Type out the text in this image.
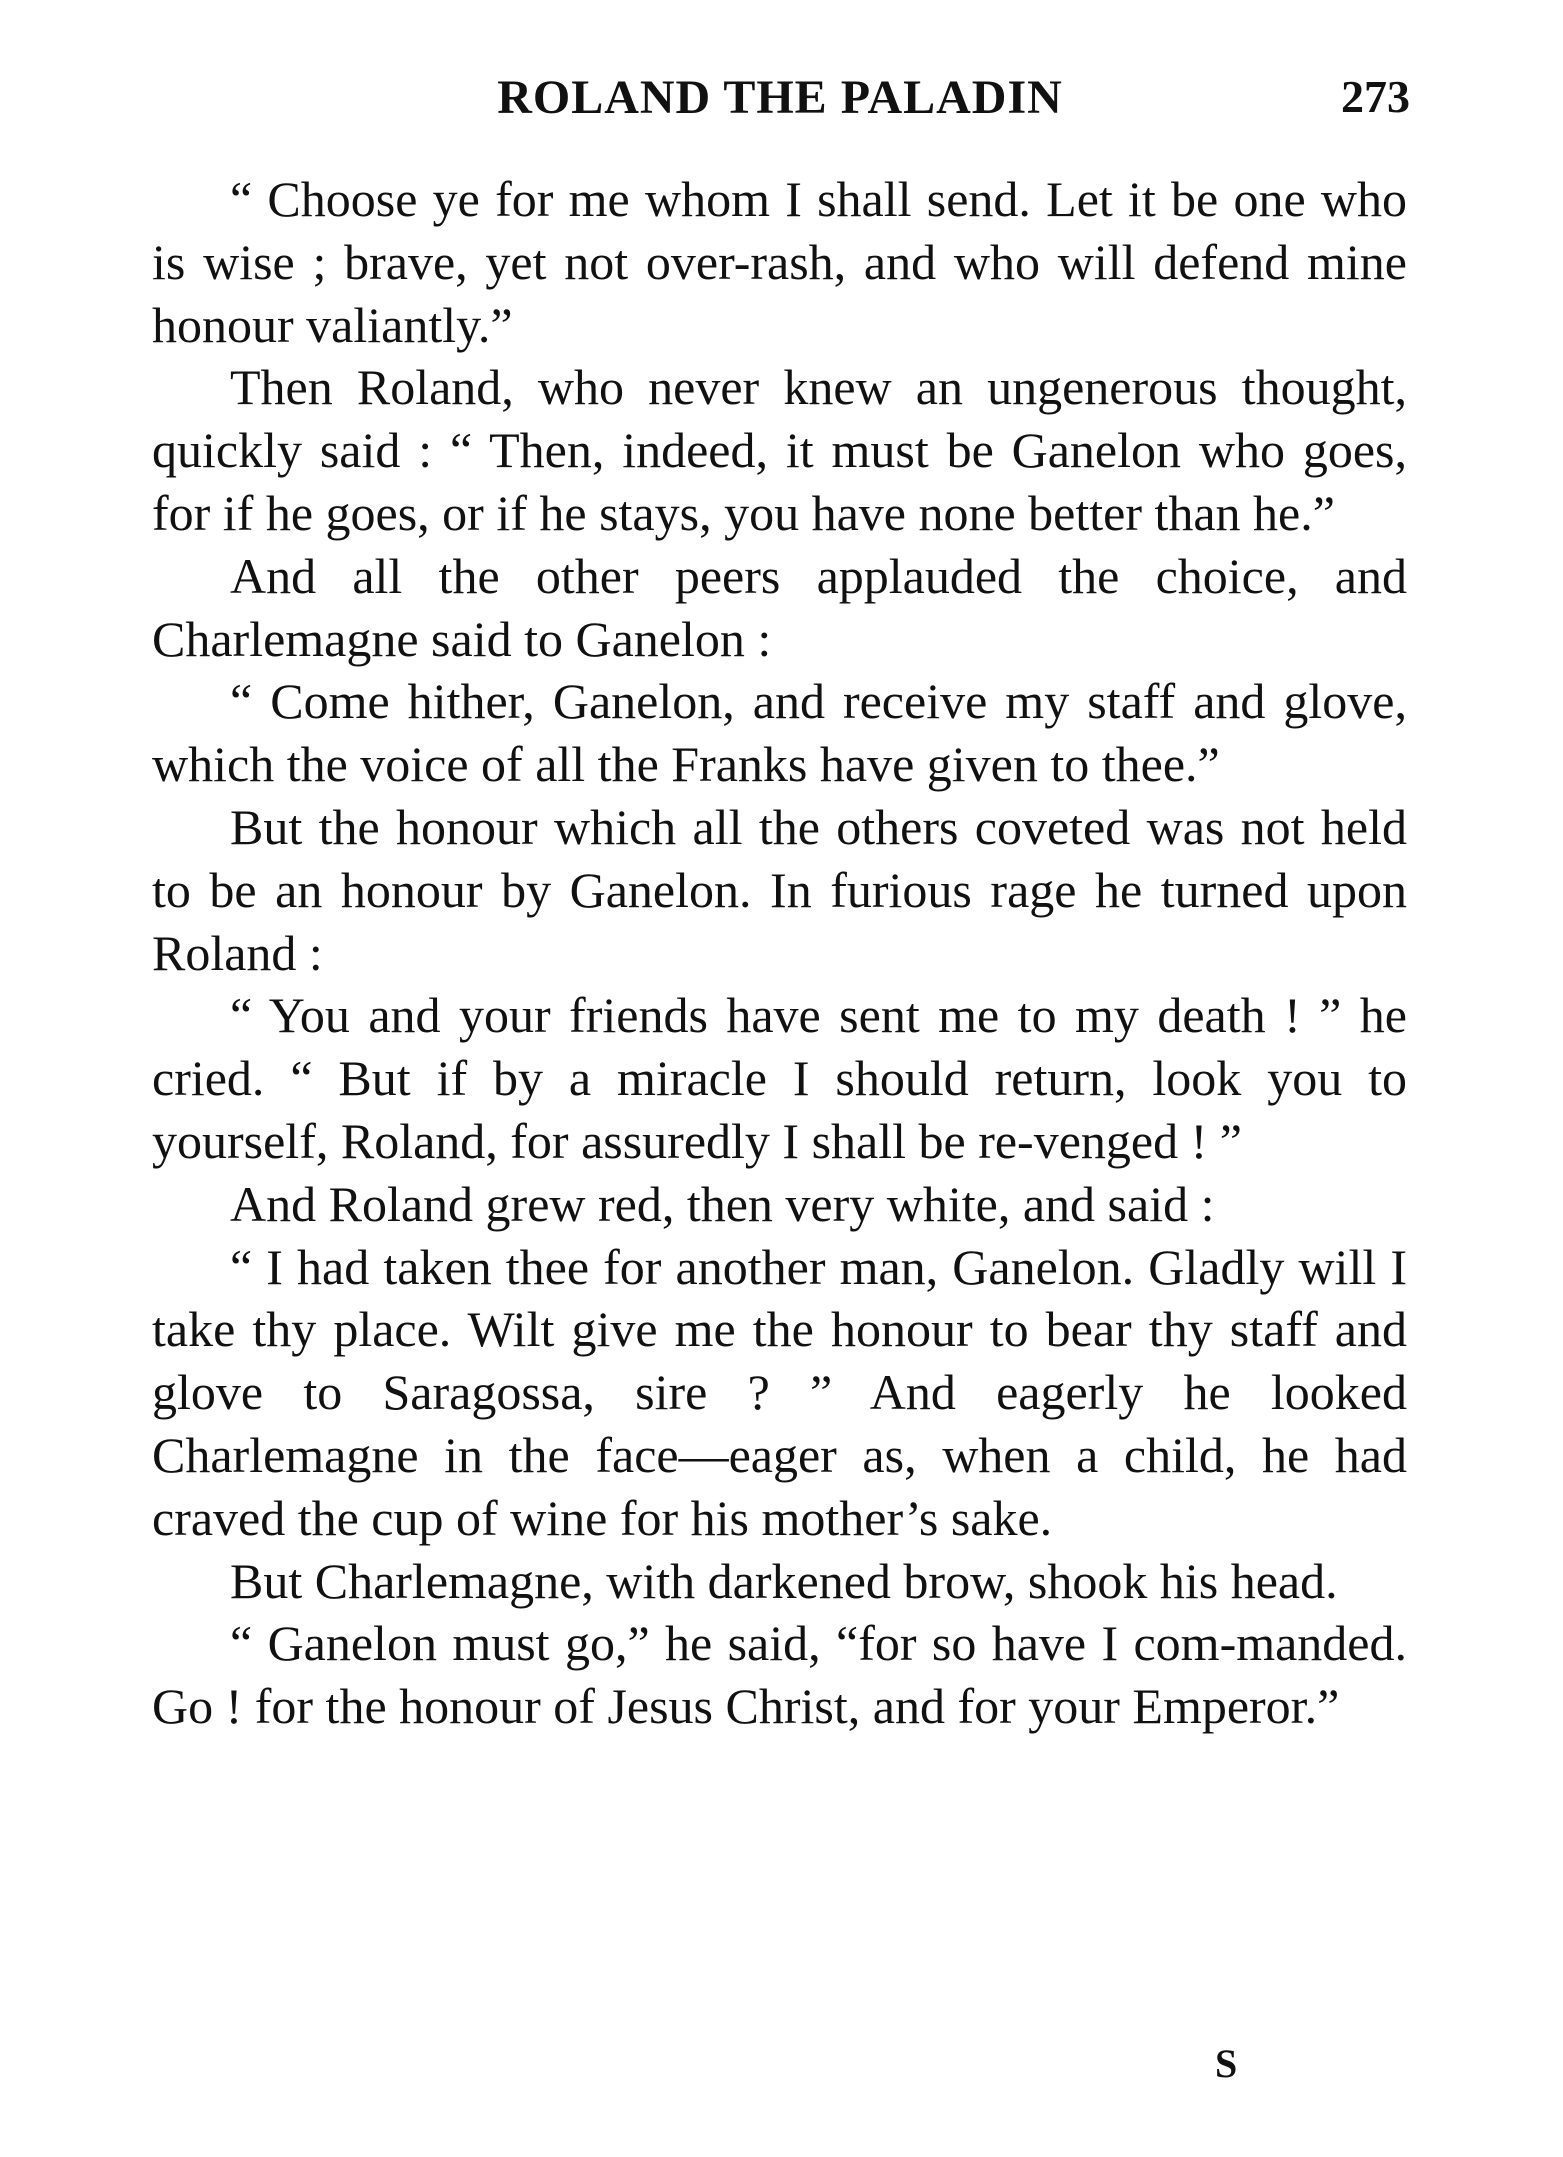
ROLAND THE PALADIN	273

“ Choose ye for me whom I shall send. Let it be one who is wise ; brave, yet not over-rash, and who will defend mine honour valiantly.”

Then Roland, who never knew an ungenerous thought, quickly said : “ Then, indeed, it must be Ganelon who goes, for if he goes, or if he stays, you have none better than he.”

And all the other peers applauded the choice, and Charlemagne said to Ganelon :

“ Come hither, Ganelon, and receive my staff and glove, which the voice of all the Franks have given to thee.”

But the honour which all the others coveted was not held to be an honour by Ganelon. In furious rage he turned upon Roland :

“ You and your friends have sent me to my death ! ” he cried. “ But if by a miracle I should return, look you to yourself, Roland, for assuredly I shall be re-venged ! ”

And Roland grew red, then very white, and said :

“ I had taken thee for another man, Ganelon. Gladly will I take thy place. Wilt give me the honour to bear thy staff and glove to Saragossa, sire ? ” And eagerly he looked Charlemagne in the face—eager as, when a child, he had craved the cup of wine for his mother’s sake.

But Charlemagne, with darkened brow, shook his head.

“ Ganelon must go,” he said, “for so have I com-manded. Go ! for the honour of Jesus Christ, and for your Emperor.”

S
